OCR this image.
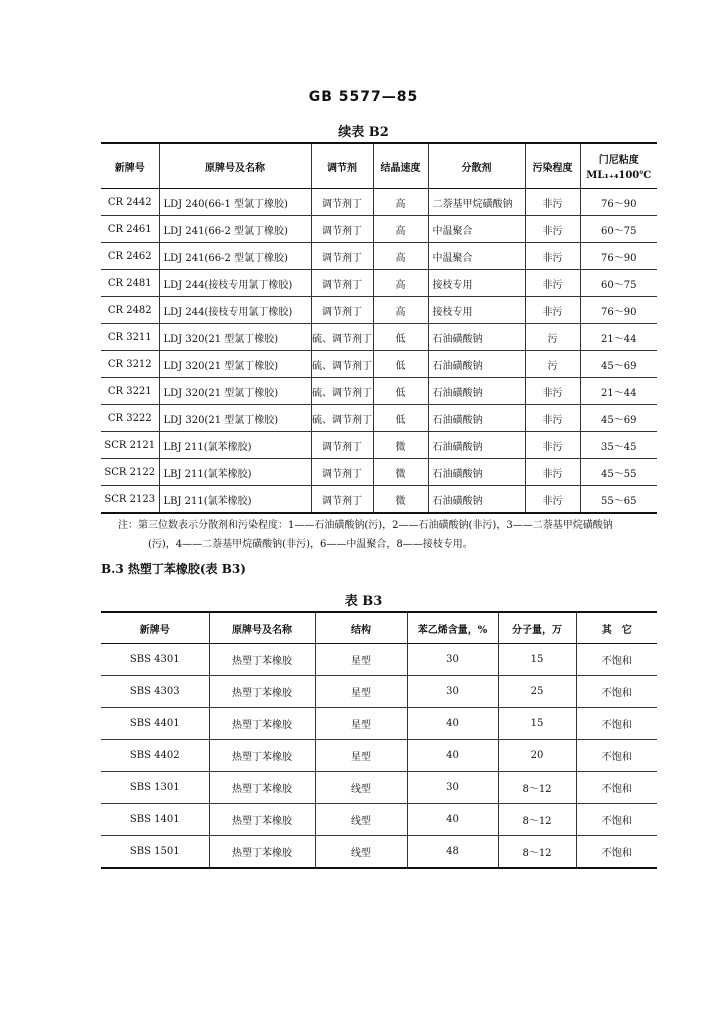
GB 5577—85
续表 B2
新牌号	原牌号及名称	调节剂	结晶速度	分散剂	污染程度	门尼粘度
ML₁₊₄100℃

CR 2442	LDJ 240(66-1 型氯丁橡胶)	调节剂丁	高	二萘基甲烷磺酸钠	非污	76～90
CR 2461	LDJ 241(66-2 型氯丁橡胶)	调节剂丁	高	中温聚合	非污	60～75
CR 2462	LDJ 241(66-2 型氯丁橡胶)	调节剂丁	高	中温聚合	非污	76～90
CR 2481	LDJ 244(接枝专用氯丁橡胶)	调节剂丁	高	接枝专用	非污	60～75
CR 2482	LDJ 244(接枝专用氯丁橡胶)	调节剂丁	高	接枝专用	非污	76～90
CR 3211	LDJ 320(21 型氯丁橡胶)	硫、调节剂丁	低	石油磺酸钠	污	21～44
CR 3212	LDJ 320(21 型氯丁橡胶)	硫、调节剂丁	低	石油磺酸钠	污	45～69
CR 3221	LDJ 320(21 型氯丁橡胶)	硫、调节剂丁	低	石油磺酸钠	非污	21～44
CR 3222	LDJ 320(21 型氯丁橡胶)	硫、调节剂丁	低	石油磺酸钠	非污	45～69
SCR 2121	LBJ 211(氯苯橡胶)	调节剂丁	微	石油磺酸钠	非污	35～45
SCR 2122	LBJ 211(氯苯橡胶)	调节剂丁	微	石油磺酸钠	非污	45～55
SCR 2123	LBJ 211(氯苯橡胶)	调节剂丁	微	石油磺酸钠	非污	55～65
注：第三位数表示分散剂和污染程度：1——石油磺酸钠(污)，2——石油磺酸钠(非污)，3——二萘基甲烷磺酸钠
(污)，4——二萘基甲烷磺酸钠(非污)，6——中温聚合，8——接枝专用。
B.3 热塑丁苯橡胶(表 B3)
表 B3
新牌号	原牌号及名称	结构	苯乙烯含量，%	分子量，万	其　它
SBS 4301	热塑丁苯橡胶	星型	30	15	不饱和
SBS 4303	热塑丁苯橡胶	星型	30	25	不饱和
SBS 4401	热塑丁苯橡胶	星型	40	15	不饱和
SBS 4402	热塑丁苯橡胶	星型	40	20	不饱和
SBS 1301	热塑丁苯橡胶	线型	30	8～12	不饱和
SBS 1401	热塑丁苯橡胶	线型	40	8～12	不饱和
SBS 1501	热塑丁苯橡胶	线型	48	8～12	不饱和
